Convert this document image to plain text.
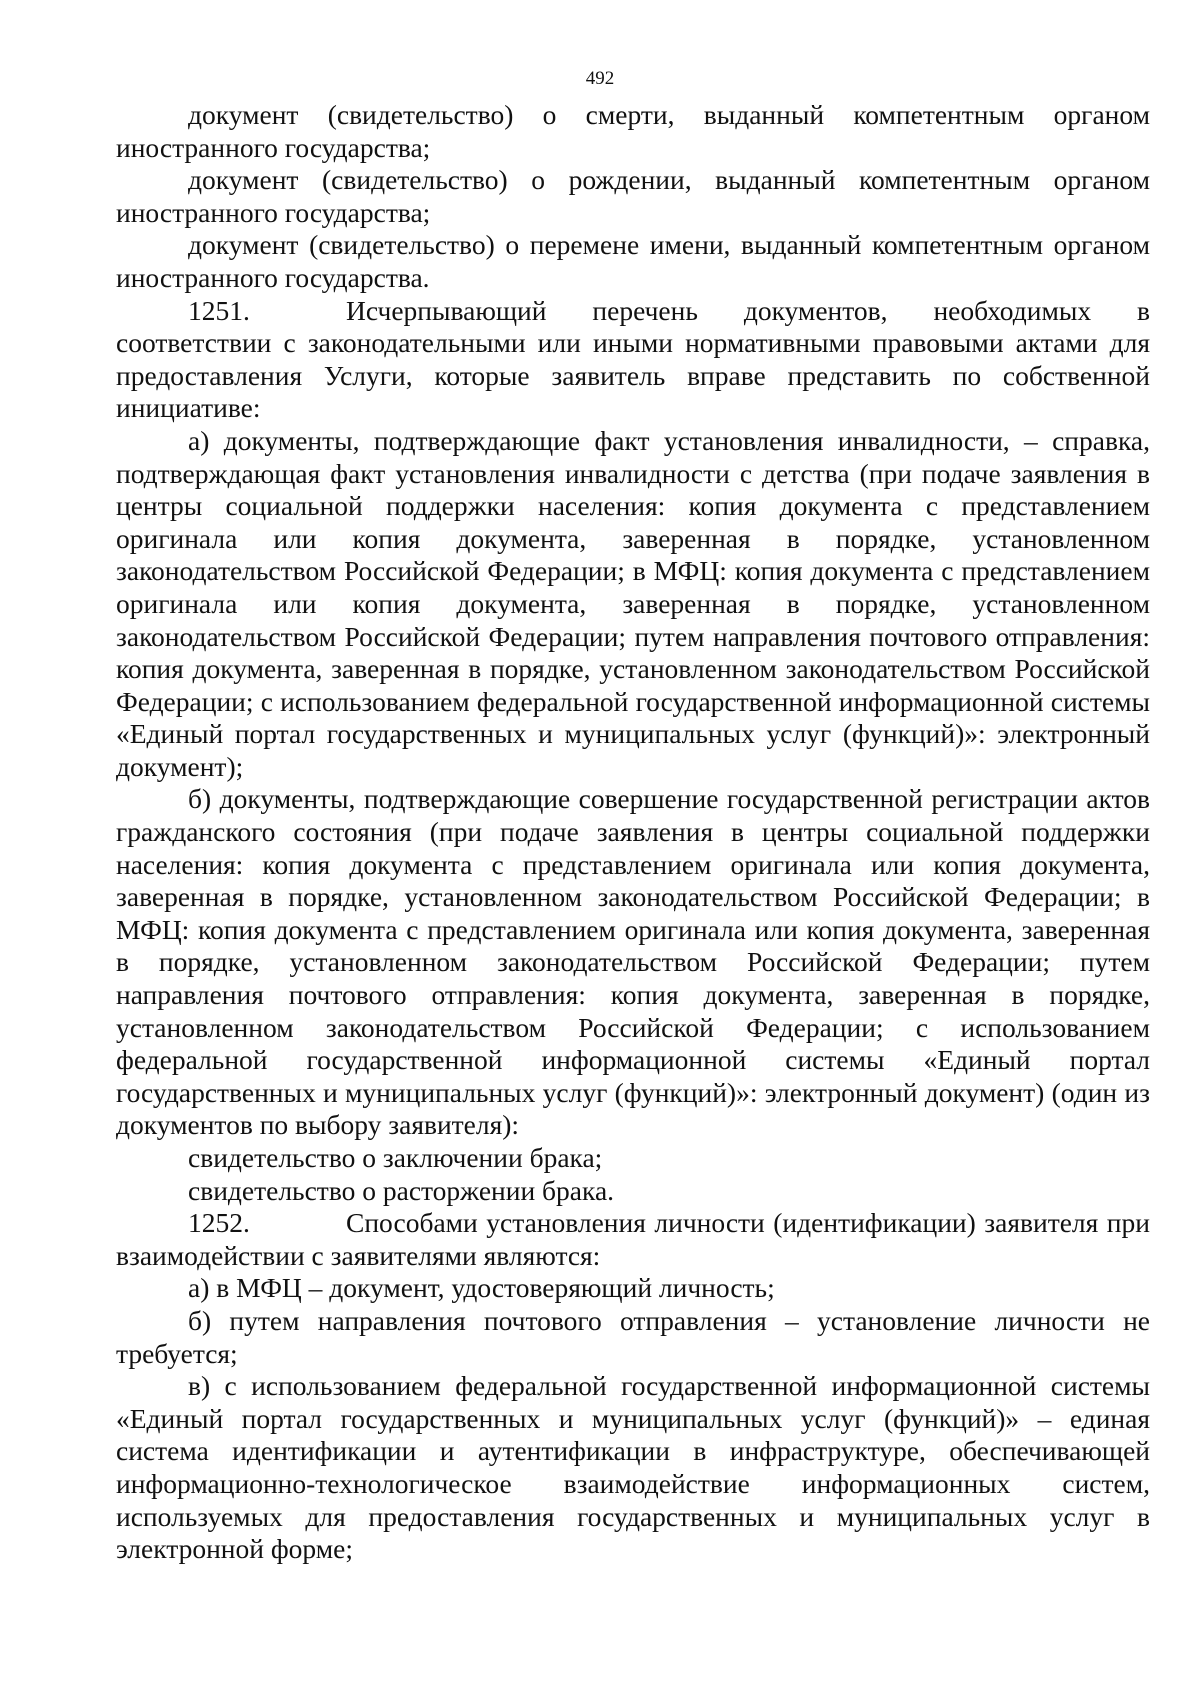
492

документ (свидетельство) о смерти, выданный компетентным органом иностранного государства;

документ (свидетельство) о рождении, выданный компетентным органом иностранного государства;

документ (свидетельство) о перемене имени, выданный компетентным органом иностранного государства.

1251.	Исчерпывающий перечень документов, необходимых в соответствии с законодательными или иными нормативными правовыми актами для предоставления Услуги, которые заявитель вправе представить по собственной инициативе:

а) документы, подтверждающие факт установления инвалидности, – справка, подтверждающая факт установления инвалидности с детства (при подаче заявления в центры социальной поддержки населения: копия документа с представлением оригинала или копия документа, заверенная в порядке, установленном законодательством Российской Федерации; в МФЦ: копия документа с представлением оригинала или копия документа, заверенная в порядке, установленном законодательством Российской Федерации; путем направления почтового отправления: копия документа, заверенная в порядке, установленном законодательством Российской Федерации; с использованием федеральной государственной информационной системы «Единый портал государственных и муниципальных услуг (функций)»: электронный документ);

б) документы, подтверждающие совершение государственной регистрации актов гражданского состояния (при подаче заявления в центры социальной поддержки населения: копия документа с представлением оригинала или копия документа, заверенная в порядке, установленном законодательством Российской Федерации; в МФЦ: копия документа с представлением оригинала или копия документа, заверенная в порядке, установленном законодательством Российской Федерации; путем направления почтового отправления: копия документа, заверенная в порядке, установленном законодательством Российской Федерации; с использованием федеральной государственной информационной системы «Единый портал государственных и муниципальных услуг (функций)»: электронный документ) (один из документов по выбору заявителя):

свидетельство о заключении брака;

свидетельство о расторжении брака.

1252.	Способами установления личности (идентификации) заявителя при взаимодействии с заявителями являются:

а) в МФЦ – документ, удостоверяющий личность;

б) путем направления почтового отправления – установление личности не требуется;

в) с использованием федеральной государственной информационной системы «Единый портал государственных и муниципальных услуг (функций)» – единая система идентификации и аутентификации в инфраструктуре, обеспечивающей информационно-технологическое взаимодействие информационных систем, используемых для предоставления государственных и муниципальных услуг в электронной форме;
